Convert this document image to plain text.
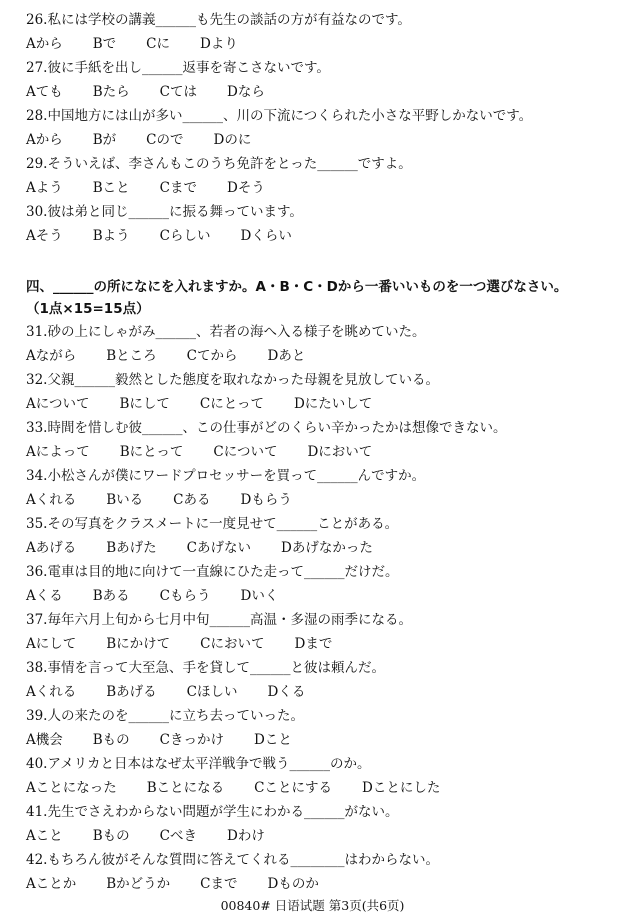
26.私には学校の講義______も先生の談話の方が有益なのです。
Aから Bで Cに Dより
27.彼に手紙を出し______返事を寄こさないです。
Aても Bたら Cては Dなら
28.中国地方には山が多い______、川の下流につくられた小さな平野しかないです。
Aから Bが Cので Dのに
29.そういえば、李さんもこのうち免許をとった______ですよ。
Aよう Bこと Cまで Dそう
30.彼は弟と同じ______に振る舞っています。
Aそう Bよう Cらしい Dくらい
四、______の所になにを入れますか。A・B・C・Dから一番いいものを一つ選びなさい。
（1点×15=15点）
31.砂の上にしゃがみ______、若者の海へ入る様子を眺めていた。
Aながら Bところ Cてから Dあと
32.父親______毅然とした態度を取れなかった母親を見放している。
Aについて Bにして Cにとって Dにたいして
33.時間を惜しむ彼______、この仕事がどのくらい辛かったかは想像できない。
Aによって Bにとって Cについて Dにおいて
34.小松さんが僕にワードプロセッサーを買って______んですか。
Aくれる Bいる Cある Dもらう
35.その写真をクラスメートに一度見せて______ことがある。
Aあげる Bあげた Cあげない Dあげなかった
36.電車は目的地に向けて一直線にひた走って______だけだ。
Aくる Bある Cもらう Dいく
37.毎年六月上旬から七月中旬______高温・多湿の雨季になる。
Aにして Bにかけて Cにおいて Dまで
38.事情を言って大至急、手を貸して______と彼は頼んだ。
Aくれる Bあげる Cほしい Dくる
39.人の来たのを______に立ち去っていった。
A機会 Bもの Cきっかけ Dこと
40.アメリカと日本はなぜ太平洋戦争で戦う______のか。
Aことになった Bことになる Cことにする Dことにした
41.先生でさえわからない問題が学生にわかる______がない。
Aこと Bもの Cべき Dわけ
42.もちろん彼がそんな質問に答えてくれる________はわからない。
Aことか Bかどうか Cまで Dものか
00840# 日语试题 第3页(共6页)
